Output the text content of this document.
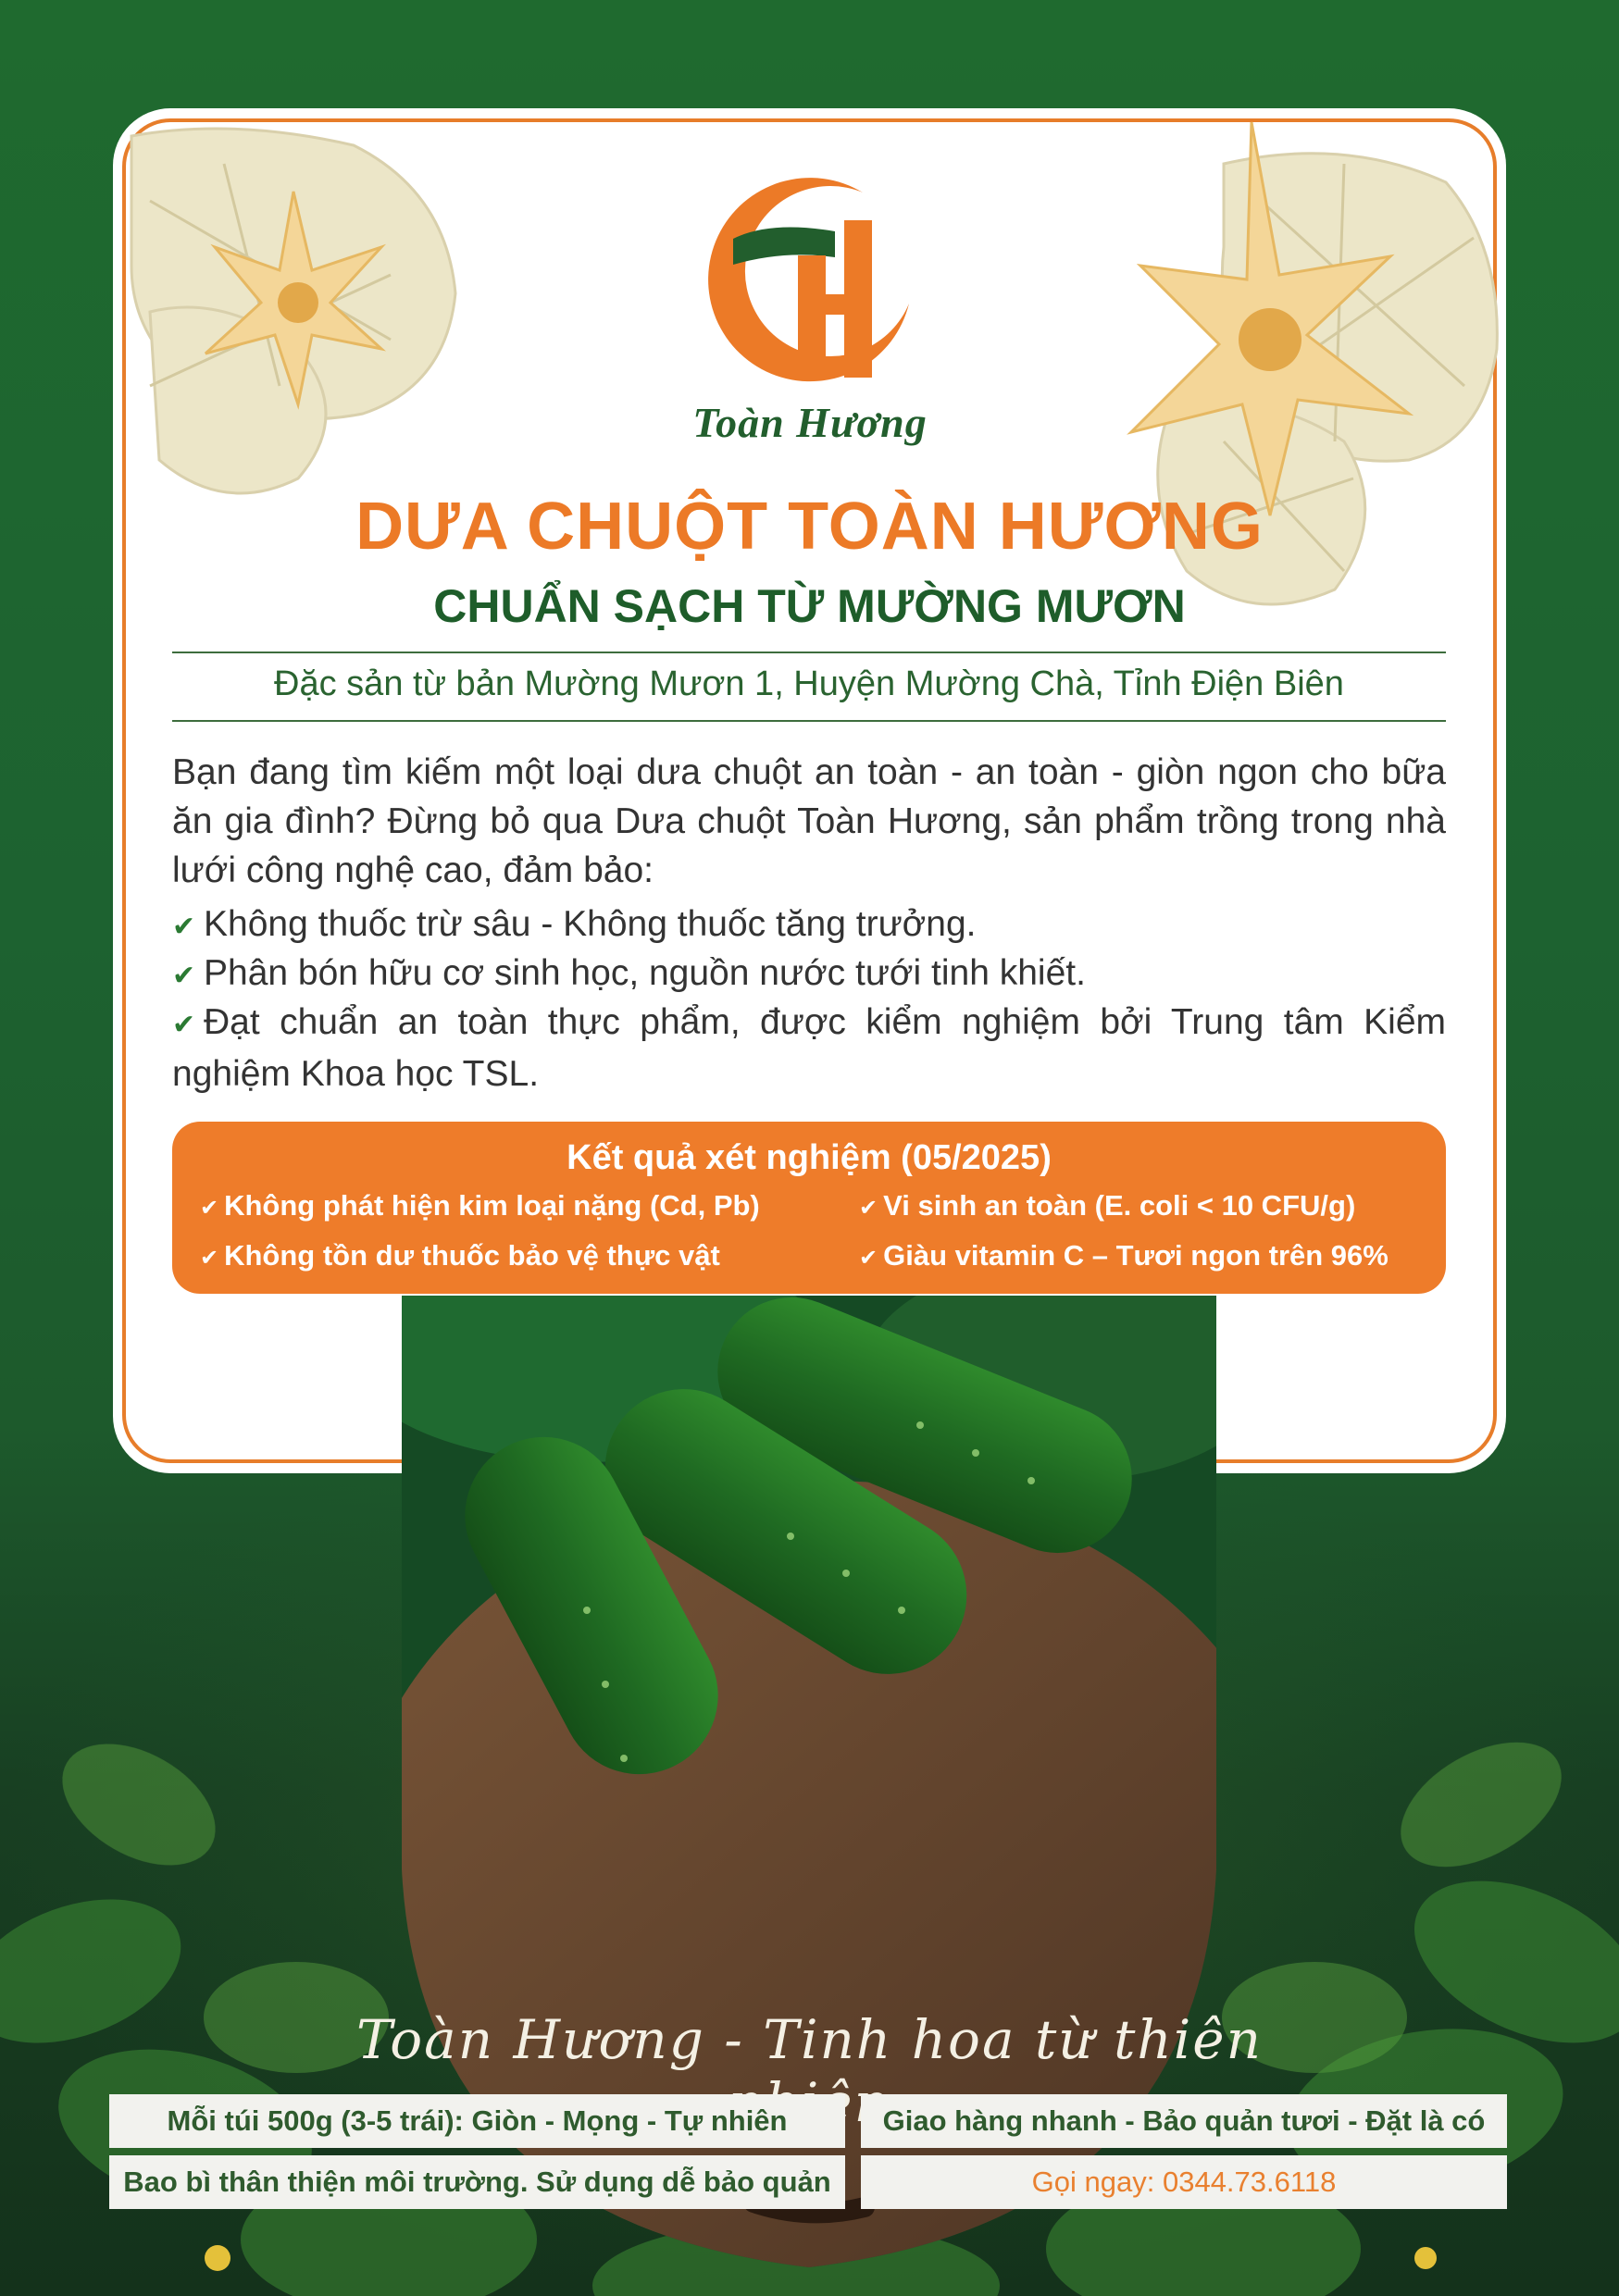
Toàn Hương
DƯA CHUỘT TOÀN HƯƠNG
CHUẨN SẠCH TỪ MƯỜNG MƯƠN
Đặc sản từ bản Mường Mươn 1, Huyện Mường Chà, Tỉnh Điện Biên
Bạn đang tìm kiếm một loại dưa chuột an toàn - an toàn - giòn ngon cho bữa ăn gia đình? Đừng bỏ qua Dưa chuột Toàn Hương, sản phẩm trồng trong nhà lưới công nghệ cao, đảm bảo:
✔ Không thuốc trừ sâu - Không thuốc tăng trưởng.
✔ Phân bón hữu cơ sinh học, nguồn nước tưới tinh khiết.
✔ Đạt chuẩn an toàn thực phẩm, được kiểm nghiệm bởi Trung tâm Kiểm nghiệm Khoa học TSL.
Kết quả xét nghiệm (05/2025)
✔ Không phát hiện kim loại nặng (Cd, Pb)	✔ Vi sinh an toàn (E. coli < 10 CFU/g)
✔ Không tồn dư thuốc bảo vệ thực vật	✔ Giàu vitamin C – Tươi ngon trên 96%
Toàn Hương - Tinh hoa từ thiên
Mỗi túi 500g (3-5 trái): Giòn - Mọng - Tự nhiên	Giao hàng nhanh - Bảo quản tươi - Đặt là có
Bao bì thân thiện môi trường. Sử dụng dễ bảo quản	Gọi ngay: 0344.73.6118
